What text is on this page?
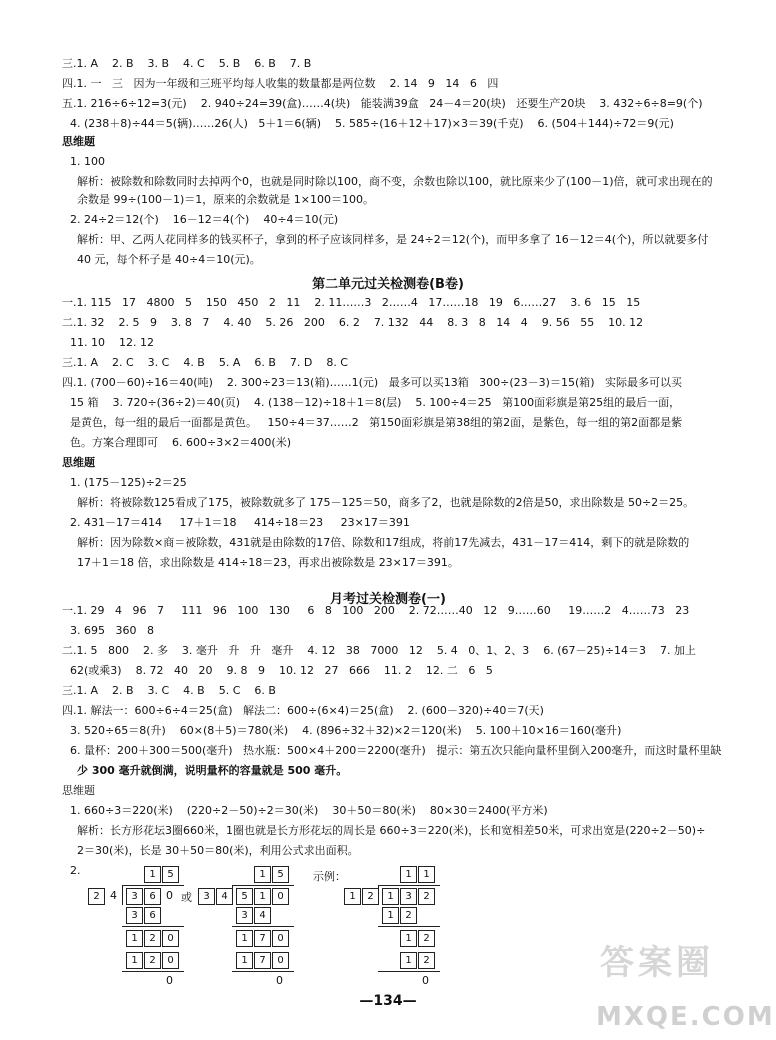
三.1. A    2. B    3. B    4. C    5. B    6. B    7. B
四.1. 一   三   因为一年级和三班平均每人收集的数量都是两位数    2. 14   9   14   6   四
五.1. 216÷6÷12=3(元)    2. 940÷24=39(盒)……4(块)   能装满39盒   24－4＝20(块)   还要生产20块    3. 432÷6÷8=9(个)
4. (238＋8)÷44＝5(辆)……26(人)   5＋1＝6(辆)    5. 585÷(16＋12＋17)×3＝39(千克)    6. (504＋144)÷72＝9(元)
思维题
1. 100
解析：被除数和除数同时去掉两个0，也就是同时除以100，商不变，余数也除以100，就比原来少了(100－1)倍，就可求出现在的
余数是 99÷(100－1)＝1，原来的余数就是 1×100＝100。
2. 24÷2＝12(个)    16－12＝4(个)    40÷4＝10(元)
解析：甲、乙两人花同样多的钱买杯子，拿到的杯子应该同样多，是 24÷2＝12(个)，而甲多拿了 16－12＝4(个)，所以就要多付
40 元，每个杯子是 40÷4＝10(元)。
一.1. 115   17   4800   5    150   450   2   11    2. 11……3   2……4   17……18   19   6……27    3. 6   15   15
二.1. 32    2. 5   9    3. 8   7    4. 40    5. 26   200    6. 2    7. 132   44    8. 3   8   14   4    9. 56   55    10. 12
11. 10    12. 12
三.1. A    2. C    3. C    4. B    5. A    6. B    7. D    8. C
四.1. (700－60)÷16＝40(吨)    2. 300÷23＝13(箱)……1(元)   最多可以买13箱   300÷(23－3)＝15(箱)   实际最多可以买
15 箱    3. 720÷(36÷2)＝40(页)    4. (138－12)÷18＋1＝8(层)    5. 100÷4＝25   第100面彩旗是第25组的最后一面，
是黄色，每一组的最后一面都是黄色。   150÷4＝37……2   第150面彩旗是第38组的第2面，是紫色，每一组的第2面都是紫
色。方案合理即可    6. 600÷3×2＝400(米)
思维题
1. (175－125)÷2＝25
解析：将被除数125看成了175，被除数就多了 175－125＝50，商多了2，也就是除数的2倍是50，求出除数是 50÷2＝25。
2. 431－17＝414     17＋1＝18     414÷18＝23     23×17＝391
解析：因为除数×商＝被除数，431就是由除数的17倍、除数和17组成，将前17先减去，431－17＝414，剩下的就是除数的
17＋1＝18 倍，求出除数是 414÷18＝23，再求出被除数是 23×17＝391。
一.1. 29   4   96   7     111   96   100   130     6   8   100   200    2. 72……40   12   9……60     19……2   4……73   23
3. 695   360   8
二.1. 5   800    2. 多    3. 毫升   升   升   毫升    4. 12   38   7000   12    5. 4   0、1、2、3    6. (67－25)÷14＝3    7. 加上
62(或乘3)    8. 72   40   20    9. 8   9    10. 12   27   666    11. 2    12. 二   6   5
三.1. A    2. B    3. C    4. B    5. C    6. B
四.1. 解法一：600÷6÷4＝25(盒)   解法二：600÷(6×4)＝25(盒)    2. (600－320)÷40＝7(天)
3. 520÷65＝8(升)    60×(8＋5)＝780(米)    4. (896÷32＋32)×2＝120(米)    5. 100＋10×16＝160(毫升)
6. 量杯：200＋300＝500(毫升)   热水瓶：500×4＋200＝2200(毫升)   提示：第五次只能向量杯里倒入200毫升，而这时量杯里缺
少 300 毫升就倒满，说明量杯的容量就是 500 毫升。
思维题
1. 660÷3＝220(米)    (220÷2－50)÷2＝30(米)    30＋50＝80(米)    80×30＝2400(平方米)
解析：长方形花坛3圈660米，1圈也就是长方形花坛的周长是 660÷3＝220(米)，长和宽相差50米，可求出宽是(220÷2－50)÷
2＝30(米)，长是 30＋50＝80(米)，利用公式求出面积。
2.
第二单元过关检测卷(B卷)
月考过关检测卷(一)
1	5
2 4	3	6 0
3	6
1	2	0
1	2	0
0
或
1	5
3	4	5	1	0
3	4
1	7	0
1	7	0
0
示例：	1	1
1	2	1	3	2
1	2
1	2
1	2
0
—134—
答案圈
MXQE.COM
